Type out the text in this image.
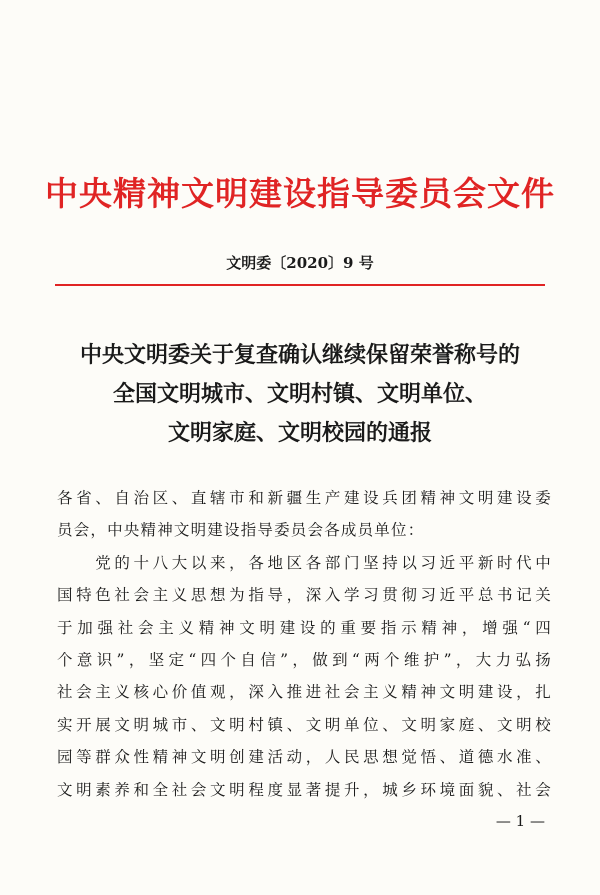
中央精神文明建设指导委员会文件
文明委〔2020〕9 号
中央文明委关于复查确认继续保留荣誉称号的
全国文明城市、文明村镇、文明单位、
文明家庭、文明校园的通报
各省、自治区、直辖市和新疆生产建设兵团精神文明建设委
员会，中央精神文明建设指导委员会各成员单位：
　　党的十八大以来，各地区各部门坚持以习近平新时代中
国特色社会主义思想为指导，深入学习贯彻习近平总书记关
于加强社会主义精神文明建设的重要指示精神，增强“四
个意识”，坚定“四个自信”，做到“两个维护”，大力弘扬
社会主义核心价值观，深入推进社会主义精神文明建设，扎
实开展文明城市、文明村镇、文明单位、文明家庭、文明校
园等群众性精神文明创建活动，人民思想觉悟、道德水准、
文明素养和全社会文明程度显著提升，城乡环境面貌、社会
— 1 —
